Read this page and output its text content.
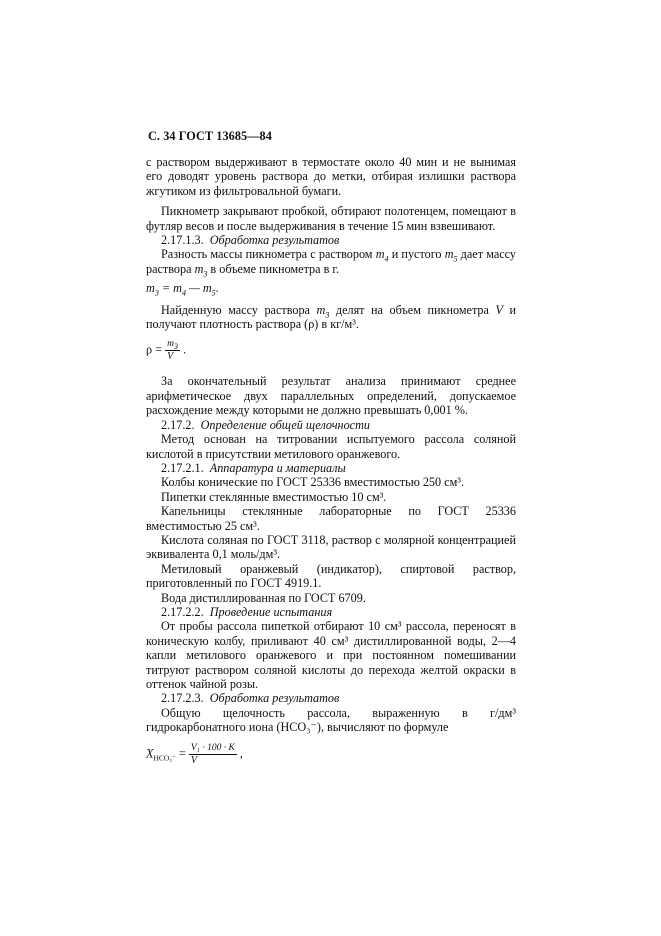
С. 34 ГОСТ 13685—84

с раствором выдерживают в термостате около 40 мин и не вынимая его доводят уровень раствора до метки, отбирая излишки раствора жгутиком из фильтровальной бумаги.

Пикнометр закрывают пробкой, обтирают полотенцем, помещают в футляр весов и после выдерживания в течение 15 мин взвешивают.

2.17.1.3. Обработка результатов

Разность массы пикнометра с раствором $m_4$ и пустого $m_5$ дает массу раствора $m_3$ в объеме пикнометра в г.

$m_3 = m_4$ — $m_5$.

Найденную массу раствора $m_3$ делят на объем пикнометра V и получают плотность раствора (ρ) в кг/м³.

$\rho = \frac{m_3}{V}$ .

За окончательный результат анализа принимают среднее арифметическое двух параллельных определений, допускаемое расхождение между которыми не должно превышать 0,001 %.

2.17.2. Определение общей щелочности

Метод основан на титровании испытуемого рассола соляной кислотой в присутствии метилового оранжевого.

2.17.2.1. Аппаратура и материалы

Колбы конические по ГОСТ 25336 вместимостью 250 см³.

Пипетки стеклянные вместимостью 10 см³.

Капельницы стеклянные лабораторные по ГОСТ 25336 вместимостью 25 см³.

Кислота соляная по ГОСТ 3118, раствор с молярной концентрацией эквивалента 0,1 моль/дм³.

Метиловый оранжевый (индикатор), спиртовой раствор, приготовленный по ГОСТ 4919.1.

Вода дистиллированная по ГОСТ 6709.

2.17.2.2. Проведение испытания

От пробы рассола пипеткой отбирают 10 см³ рассола, переносят в коническую колбу, приливают 40 см³ дистиллированной воды, 2—4 капли метилового оранжевого и при постоянном помешивании титруют раствором соляной кислоты до перехода желтой окраски в оттенок чайной розы.

2.17.2.3. Обработка результатов

Общую щелочность рассола, выраженную в г/дм³ гидрокарбонатного иона (HCO₃⁻), вычисляют по формуле

$X_{HCO_3^-} = \frac{\text{V₁ · 100 · K}}{V}$ ,
